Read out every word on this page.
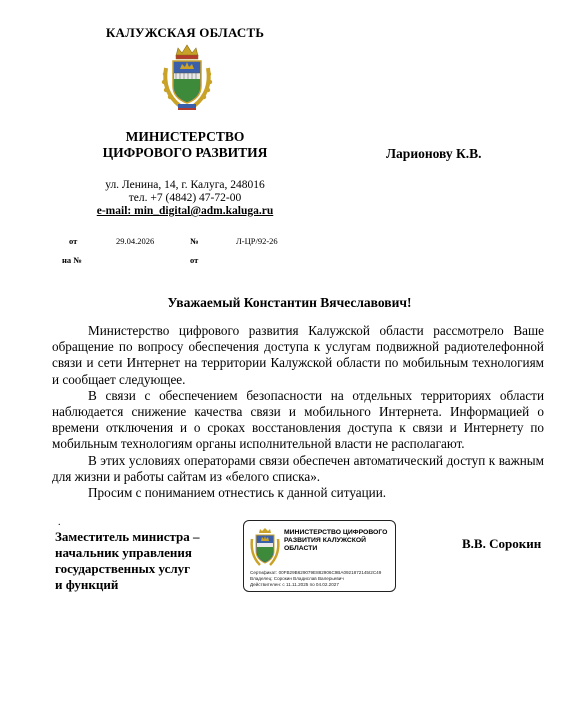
КАЛУЖСКАЯ ОБЛАСТЬ
МИНИСТЕРСТВО
ЦИФРОВОГО РАЗВИТИЯ	Ларионову К.В.
ул. Ленина, 14, г. Калуга, 248016
тел. +7 (4842) 47-72-00
e-mail: min_digital@adm.kaluga.ru
от	29.04.2026	№	Л-ЦР/92-26
на №	от
Уважаемый Константин Вячеславович!

Министерство цифрового развития Калужской области рассмотрело Ваше обращение по вопросу обеспечения доступа к услугам подвижной радиотелефонной связи и сети Интернет на территории Калужской области по мобильным технологиям и сообщает следующее.

В связи с обеспечением безопасности на отдельных территориях области наблюдается снижение качества связи и мобильного Интернета. Информацией о времени отключения и о сроках восстановления доступа к связи и Интернету по мобильным технологиям органы исполнительной власти не располагают.

В этих условиях операторами связи обеспечен автоматический доступ к важным для жизни и работы сайтам из «белого списка».

Просим с пониманием отнестись к данной ситуации.

.
Заместитель министра –
начальник управления
государственных услуг
и функций
МИНИСТЕРСТВО ЦИФРОВОГО РАЗВИТИЯ КАЛУЖСКОЙ ОБЛАСТИ
Сертификат: 00FB29B629079E882906C9BA0921872145I2C49
Владелец: Сорокин Владислав Валерьевич
Действителен: с 11.11.2025 по 04.02.2027
В.В. Сорокин
